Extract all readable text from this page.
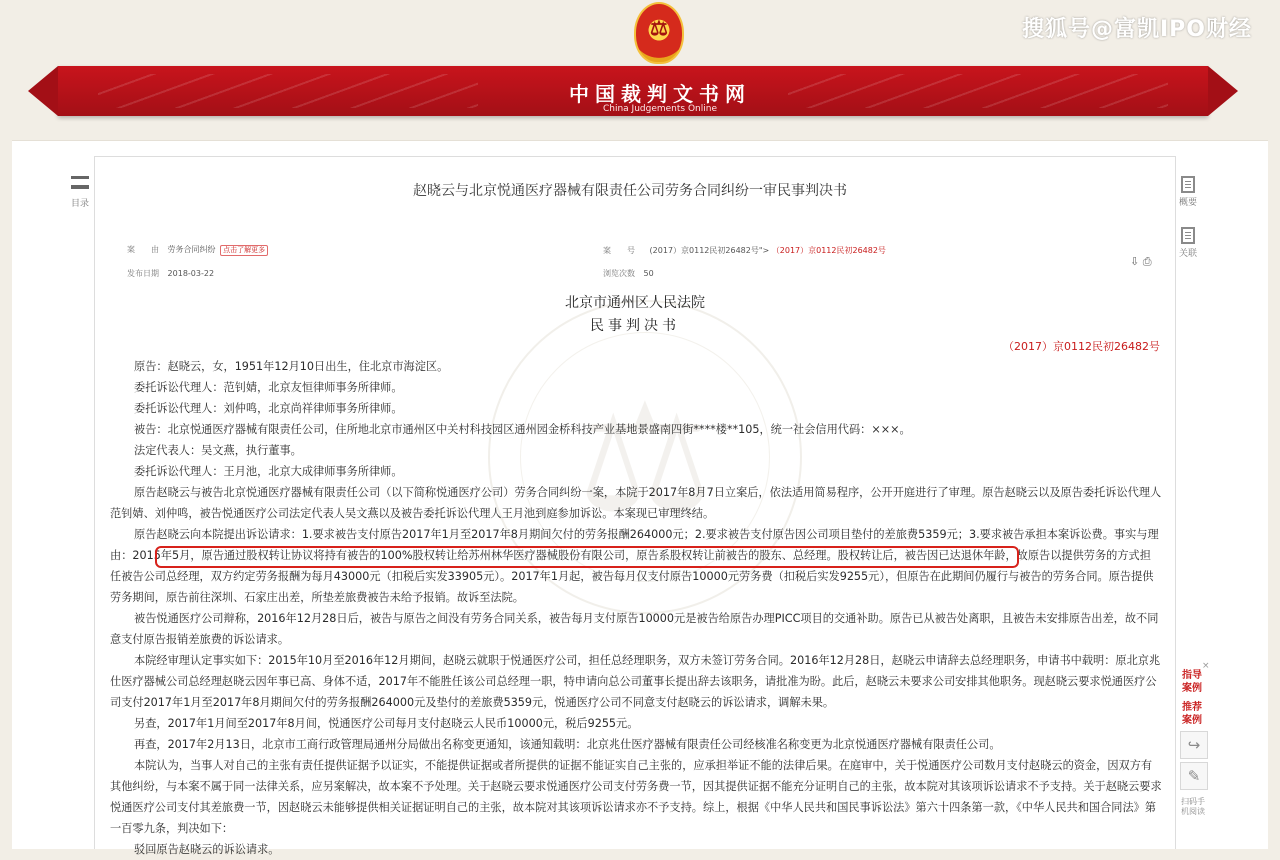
⚖
中国裁判文书网
China Judgements Online
搜狐号@富凯IPO财经
目录
⚖
赵晓云与北京悦通医疗器械有限责任公司劳务合同纠纷一审民事判决书
案　　由 劳务合同纠纷 点击了解更多	案　　号 (2017）京0112民初26482号"> （2017）京0112民初26482号
发布日期 2018-03-22	浏览次数 50
⇩ ⎙
北京市通州区人民法院
民事判决书
（2017）京0112民初26482号

原告：赵晓云，女，1951年12月10日出生，住北京市海淀区。

委托诉讼代理人：范钊婧，北京友恒律师事务所律师。

委托诉讼代理人：刘仲鸣，北京尚祥律师事务所律师。

被告：北京悦通医疗器械有限责任公司，住所地北京市通州区中关村科技园区通州园金桥科技产业基地景盛南四街****楼**105，统一社会信用代码：×××。

法定代表人：吴文燕，执行董事。

委托诉讼代理人：王月池，北京大成律师事务所律师。

原告赵晓云与被告北京悦通医疗器械有限责任公司（以下简称悦通医疗公司）劳务合同纠纷一案，本院于2017年8月7日立案后，依法适用简易程序，公开开庭进行了审理。原告赵晓云以及原告委托诉讼代理人范钊婧、刘仲鸣，被告悦通医疗公司法定代表人吴文燕以及被告委托诉讼代理人王月池到庭参加诉讼。本案现已审理终结。

原告赵晓云向本院提出诉讼请求：1.要求被告支付原告2017年1月至2017年8月期间欠付的劳务报酬264000元；2.要求被告支付原告因公司项目垫付的差旅费5359元；3.要求被告承担本案诉讼费。事实与理由：2015年5月，原告通过股权转让协议将持有被告的100%股权转让给苏州林华医疗器械股份有限公司，原告系股权转让前被告的股东、总经理。股权转让后，被告因已达退休年龄，故原告以提供劳务的方式担任被告公司总经理，双方约定劳务报酬为每月43000元（扣税后实发33905元）。2017年1月起，被告每月仅支付原告10000元劳务费（扣税后实发9255元），但原告在此期间仍履行与被告的劳务合同。原告提供劳务期间，原告前往深圳、石家庄出差，所垫差旅费被告未给予报销。故诉至法院。

被告悦通医疗公司辩称，2016年12月28日后，被告与原告之间没有劳务合同关系，被告每月支付原告10000元是被告给原告办理PICC项目的交通补助。原告已从被告处离职，且被告未安排原告出差，故不同意支付原告报销差旅费的诉讼请求。

本院经审理认定事实如下：2015年10月至2016年12月期间，赵晓云就职于悦通医疗公司，担任总经理职务，双方未签订劳务合同。2016年12月28日，赵晓云申请辞去总经理职务，申请书中载明：原北京兆仕医疗器械公司总经理赵晓云因年事已高、身体不适，2017年不能胜任该公司总经理一职，特申请向总公司董事长提出辞去该职务，请批准为盼。此后，赵晓云未要求公司安排其他职务。现赵晓云要求悦通医疗公司支付2017年1月至2017年8月期间欠付的劳务报酬264000元及垫付的差旅费5359元，悦通医疗公司不同意支付赵晓云的诉讼请求，调解未果。

另查，2017年1月间至2017年8月间，悦通医疗公司每月支付赵晓云人民币10000元，税后9255元。

再查，2017年2月13日，北京市工商行政管理局通州分局做出名称变更通知，该通知载明：北京兆仕医疗器械有限责任公司经核准名称变更为北京悦通医疗器械有限责任公司。

本院认为，当事人对自己的主张有责任提供证据予以证实，不能提供证据或者所提供的证据不能证实自己主张的，应承担举证不能的法律后果。在庭审中，关于悦通医疗公司数月支付赵晓云的资金，因双方有其他纠纷，与本案不属于同一法律关系，应另案解决，故本案不予处理。关于赵晓云要求悦通医疗公司支付劳务费一节，因其提供证据不能充分证明自己的主张，故本院对其该项诉讼请求不予支持。关于赵晓云要求悦通医疗公司支付其差旅费一节，因赵晓云未能够提供相关证据证明自己的主张，故本院对其该项诉讼请求亦不予支持。综上，根据《中华人民共和国民事诉讼法》第六十四条第一款，《中华人民共和国合同法》第一百零九条，判决如下：

驳回原告赵晓云的诉讼请求。

概要
关联
×
指导案例
推荐案例
↪
✎
扫码手机阅读
